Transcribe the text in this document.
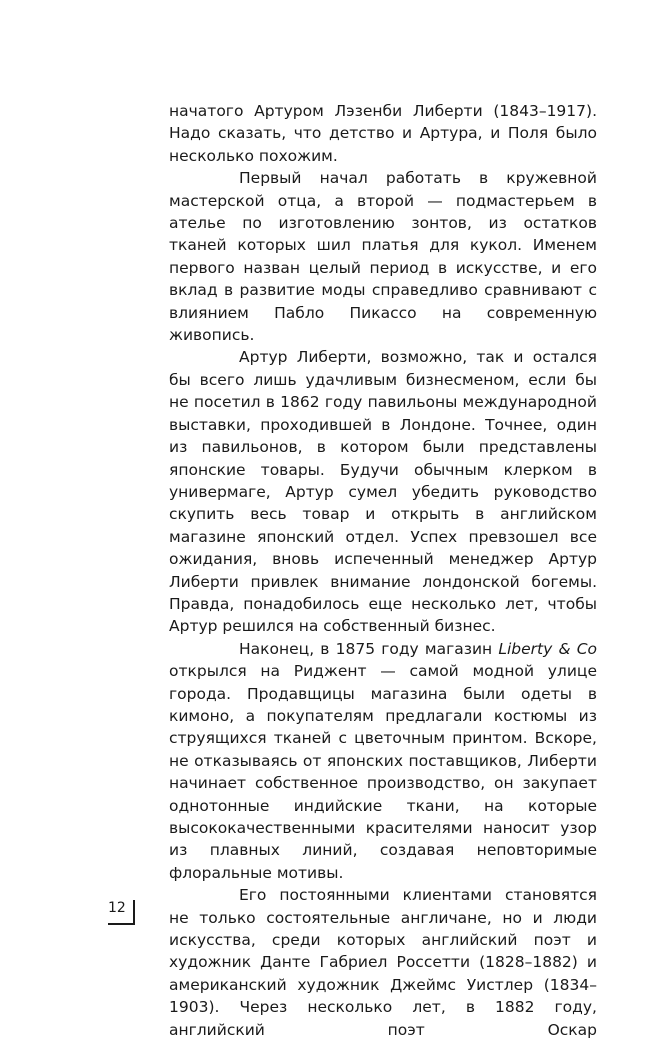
начатого Артуром Лэзенби Либерти (1843–1917). Надо сказать, что детство и Артура, и Поля было несколько похожим.

Первый начал работать в кружевной мастерской отца, а второй — подмастерьем в ателье по изготовлению зонтов, из остатков тканей которых шил платья для кукол. Именем первого назван целый период в искусстве, и его вклад в развитие моды справедливо сравнивают с влиянием Пабло Пикассо на современную живопись.

Артур Либерти, возможно, так и остался бы всего лишь удачливым бизнесменом, если бы не посетил в 1862 году павильоны международной выставки, проходившей в Лондоне. Точнее, один из павильонов, в котором были представлены японские товары. Будучи обычным клерком в универмаге, Артур сумел убедить руководство скупить весь товар и открыть в английском магазине японский отдел. Успех превзошел все ожидания, вновь испеченный менеджер Артур Либерти привлек внимание лондонской богемы. Правда, понадобилось еще несколько лет, чтобы Артур решился на собственный бизнес.

Наконец, в 1875 году магазин Liberty & Co открылся на Риджент — самой модной улице города. Продавщицы магазина были одеты в кимоно, а покупателям предлагали костюмы из струящихся тканей с цветочным принтом. Вскоре, не отказываясь от японских поставщиков, Либерти начинает собственное производство, он закупает однотонные индийские ткани, на которые высококачественными красителями наносит узор из плавных линий, создавая неповторимые флоральные мотивы.

Его постоянными клиентами становятся не только состоятельные англичане, но и люди искусства, среди которых английский поэт и художник Данте Габриел Россетти (1828–1882) и американский художник Джеймс Уистлер (1834–1903). Через несколько лет, в 1882 году, английский поэт Оскар

12
